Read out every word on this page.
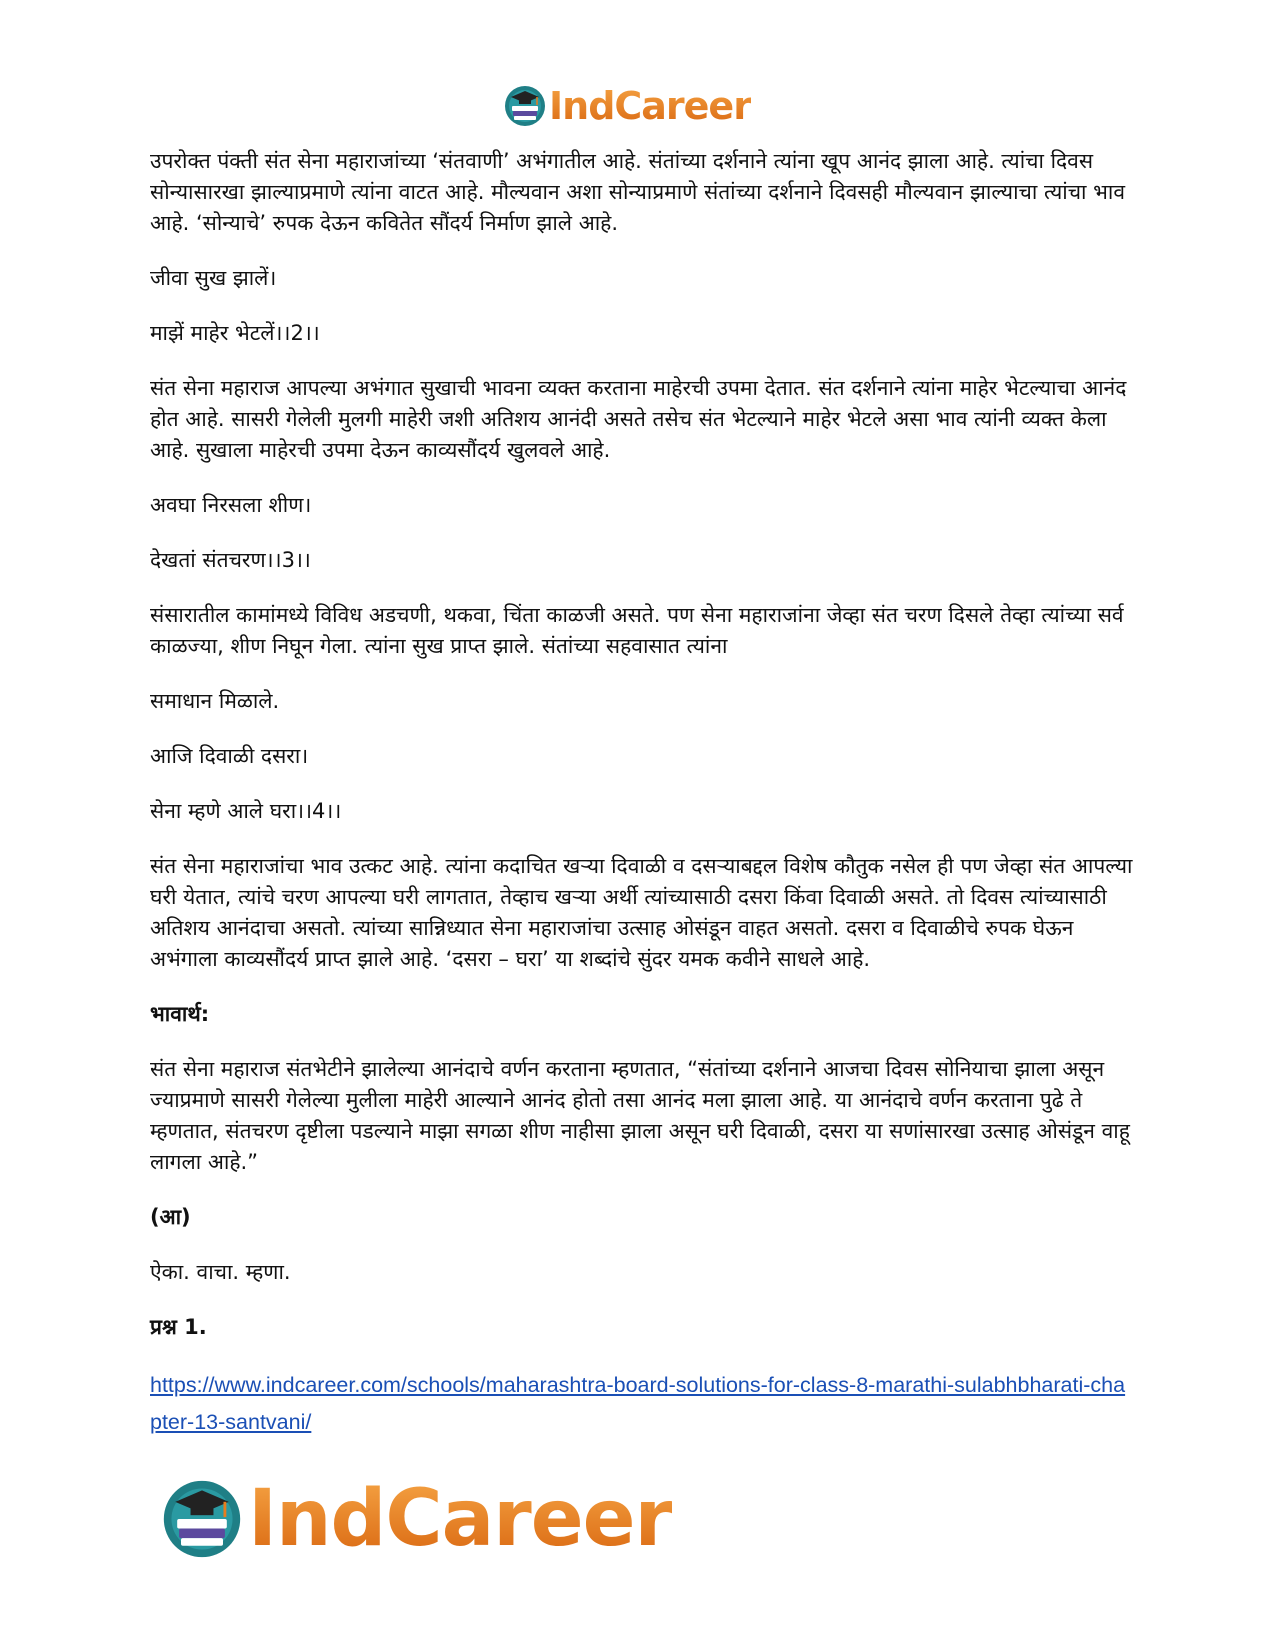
IndCareer

उपरोक्त पंक्ती संत सेना महाराजांच्या ‘संतवाणी’ अभंगातील आहे. संतांच्या दर्शनाने त्यांना खूप आनंद झाला आहे. त्यांचा दिवस सोन्यासारखा झाल्याप्रमाणे त्यांना वाटत आहे. मौल्यवान अशा सोन्याप्रमाणे संतांच्या दर्शनाने दिवसही मौल्यवान झाल्याचा त्यांचा भाव आहे. ‘सोन्याचे’ रुपक देऊन कवितेत सौंदर्य निर्माण झाले आहे.

जीवा सुख झालें।

माझें माहेर भेटलें।।2।।

संत सेना महाराज आपल्या अभंगात सुखाची भावना व्यक्त करताना माहेरची उपमा देतात. संत दर्शनाने त्यांना माहेर भेटल्याचा आनंद होत आहे. सासरी गेलेली मुलगी माहेरी जशी अतिशय आनंदी असते तसेच संत भेटल्याने माहेर भेटले असा भाव त्यांनी व्यक्त केला आहे. सुखाला माहेरची उपमा देऊन काव्यसौंदर्य खुलवले आहे.

अवघा निरसला शीण।

देखतां संतचरण।।3।।

संसारातील कामांमध्ये विविध अडचणी, थकवा, चिंता काळजी असते. पण सेना महाराजांना जेव्हा संत चरण दिसले तेव्हा त्यांच्या सर्व काळज्या, शीण निघून गेला. त्यांना सुख प्राप्त झाले. संतांच्या सहवासात त्यांना

समाधान मिळाले.

आजि दिवाळी दसरा।

सेना म्हणे आले घरा।।4।।

संत सेना महाराजांचा भाव उत्कट आहे. त्यांना कदाचित खऱ्या दिवाळी व दसऱ्याबद्दल विशेष कौतुक नसेल ही पण जेव्हा संत आपल्या घरी येतात, त्यांचे चरण आपल्या घरी लागतात, तेव्हाच खऱ्या अर्थी त्यांच्यासाठी दसरा किंवा दिवाळी असते. तो दिवस त्यांच्यासाठी अतिशय आनंदाचा असतो. त्यांच्या सान्निध्यात सेना महाराजांचा उत्साह ओसंडून वाहत असतो. दसरा व दिवाळीचे रुपक घेऊन अभंगाला काव्यसौंदर्य प्राप्त झाले आहे. ‘दसरा – घरा’ या शब्दांचे सुंदर यमक कवीने साधले आहे.

भावार्थ:

संत सेना महाराज संतभेटीने झालेल्या आनंदाचे वर्णन करताना म्हणतात, “संतांच्या दर्शनाने आजचा दिवस सोनियाचा झाला असून ज्याप्रमाणे सासरी गेलेल्या मुलीला माहेरी आल्याने आनंद होतो तसा आनंद मला झाला आहे. या आनंदाचे वर्णन करताना पुढे ते म्हणतात, संतचरण दृष्टीला पडल्याने माझा सगळा शीण नाहीसा झाला असून घरी दिवाळी, दसरा या सणांसारखा उत्साह ओसंडून वाहू लागला आहे.”

(आ)

ऐका. वाचा. म्हणा.

प्रश्न 1.

https://www.indcareer.com/schools/maharashtra-board-solutions-for-class-8-marathi-sulabhbharati-chapter-13-santvani/

IndCareer
